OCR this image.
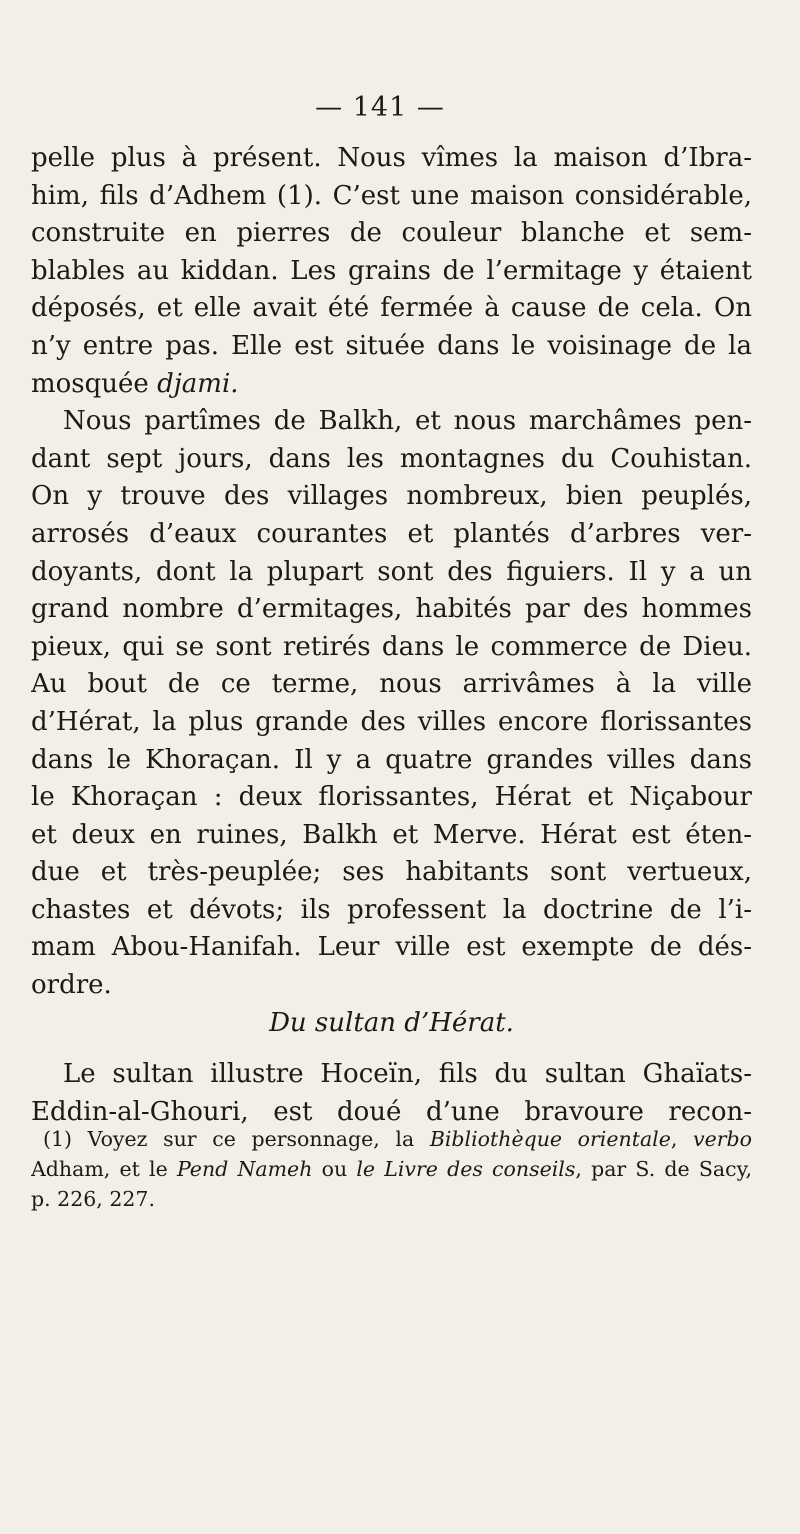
— 141 —
pelle plus à présent. Nous vîmes la maison d’Ibra-
him, fils d’Adhem (1). C’est une maison considérable,
construite en pierres de couleur blanche et sem-
blables au kiddan. Les grains de l’ermitage y étaient
déposés, et elle avait été fermée à cause de cela. On
n’y entre pas. Elle est située dans le voisinage de la
mosquée djami.
Nous partîmes de Balkh, et nous marchâmes pen-
dant sept jours, dans les montagnes du Couhistan.
On y trouve des villages nombreux, bien peuplés,
arrosés d’eaux courantes et plantés d’arbres ver-
doyants, dont la plupart sont des figuiers. Il y a un
grand nombre d’ermitages, habités par des hommes
pieux, qui se sont retirés dans le commerce de Dieu.
Au bout de ce terme, nous arrivâmes à la ville
d’Hérat, la plus grande des villes encore florissantes
dans le Khoraçan. Il y a quatre grandes villes dans
le Khoraçan : deux florissantes, Hérat et Niçabour
et deux en ruines, Balkh et Merve. Hérat est éten-
due et très-peuplée; ses habitants sont vertueux,
chastes et dévots; ils professent la doctrine de l’i-
mam Abou-Hanifah. Leur ville est exempte de dés-
ordre.
Du sultan d’Hérat.
Le sultan illustre Hoceïn, fils du sultan Ghaïats-
Eddin-al-Ghouri, est doué d’une bravoure recon-
(1) Voyez sur ce personnage, la Bibliothèque orientale, verbo
Adham, et le Pend Nameh ou le Livre des conseils, par S. de Sacy,
p. 226, 227.
